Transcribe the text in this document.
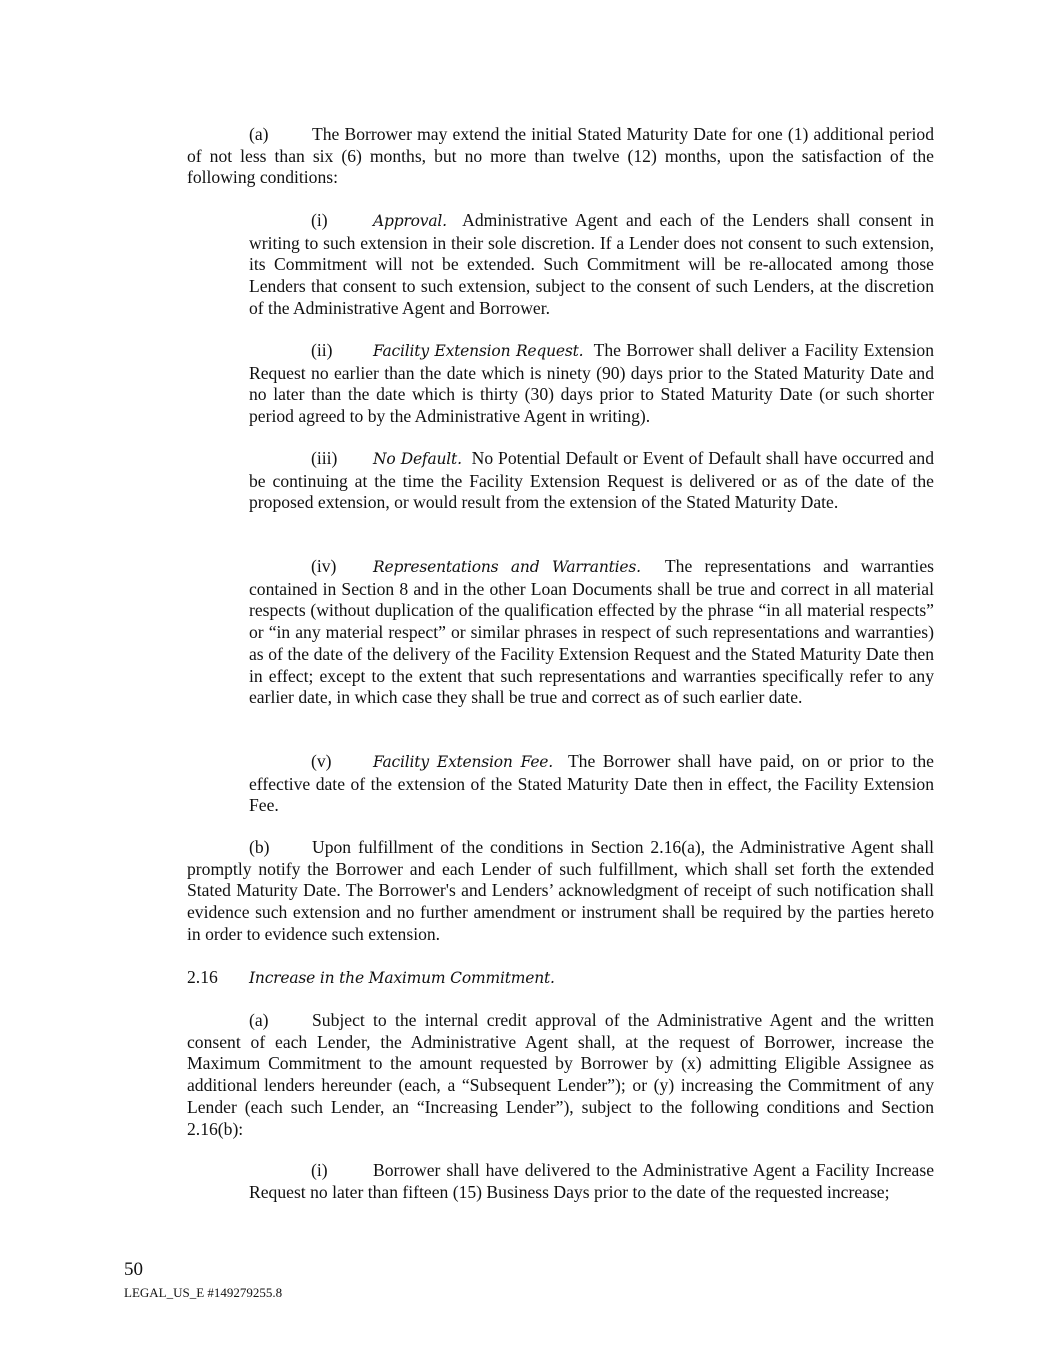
(a) The Borrower may extend the initial Stated Maturity Date for one (1) additional period of not less than six (6) months, but no more than twelve (12) months, upon the satisfaction of the following conditions:
(i)	Approval. Administrative Agent and each of the Lenders shall consent in writing to such extension in their sole discretion. If a Lender does not consent to such extension, its Commitment will not be extended. Such Commitment will be re-allocated among those Lenders that consent to such extension, subject to the consent of such Lenders, at the discretion of the Administrative Agent and Borrower.
(ii)	Facility Extension Request. The Borrower shall deliver a Facility Extension Request no earlier than the date which is ninety (90) days prior to the Stated Maturity Date and no later than the date which is thirty (30) days prior to Stated Maturity Date (or such shorter period agreed to by the Administrative Agent in writing).
(iii) No Default. No Potential Default or Event of Default shall have occurred and be continuing at the time the Facility Extension Request is delivered or as of the date of the proposed extension, or would result from the extension of the Stated Maturity Date.
(iv) Representations and Warranties. The representations and warranties contained in Section 8 and in the other Loan Documents shall be true and correct in all material respects (without duplication of the qualification effected by the phrase “in all material respects” or “in any material respect” or similar phrases in respect of such representations and warranties) as of the date of the delivery of the Facility Extension Request and the Stated Maturity Date then in effect; except to the extent that such representations and warranties specifically refer to any earlier date, in which case they shall be true and correct as of such earlier date.
(v)	Facility Extension Fee. The Borrower shall have paid, on or prior to the effective date of the extension of the Stated Maturity Date then in effect, the Facility Extension Fee.
(b) Upon fulfillment of the conditions in Section 2.16(a), the Administrative Agent shall promptly notify the Borrower and each Lender of such fulfillment, which shall set forth the extended Stated Maturity Date. The Borrower's and Lenders’ acknowledgment of receipt of such notification shall evidence such extension and no further amendment or instrument shall be required by the parties hereto in order to evidence such extension.
2.16 Increase in the Maximum Commitment.
(a) Subject to the internal credit approval of the Administrative Agent and the written consent of each Lender, the Administrative Agent shall, at the request of Borrower, increase the Maximum Commitment to the amount requested by Borrower by (x) admitting Eligible Assignee as additional lenders hereunder (each, a “Subsequent Lender”); or (y) increasing the Commitment of any Lender (each such Lender, an “Increasing Lender”), subject to the following conditions and Section 2.16(b):
(i)	Borrower shall have delivered to the Administrative Agent a Facility Increase Request no later than fifteen (15) Business Days prior to the date of the requested increase;
50
LEGAL_US_E #149279255.8
